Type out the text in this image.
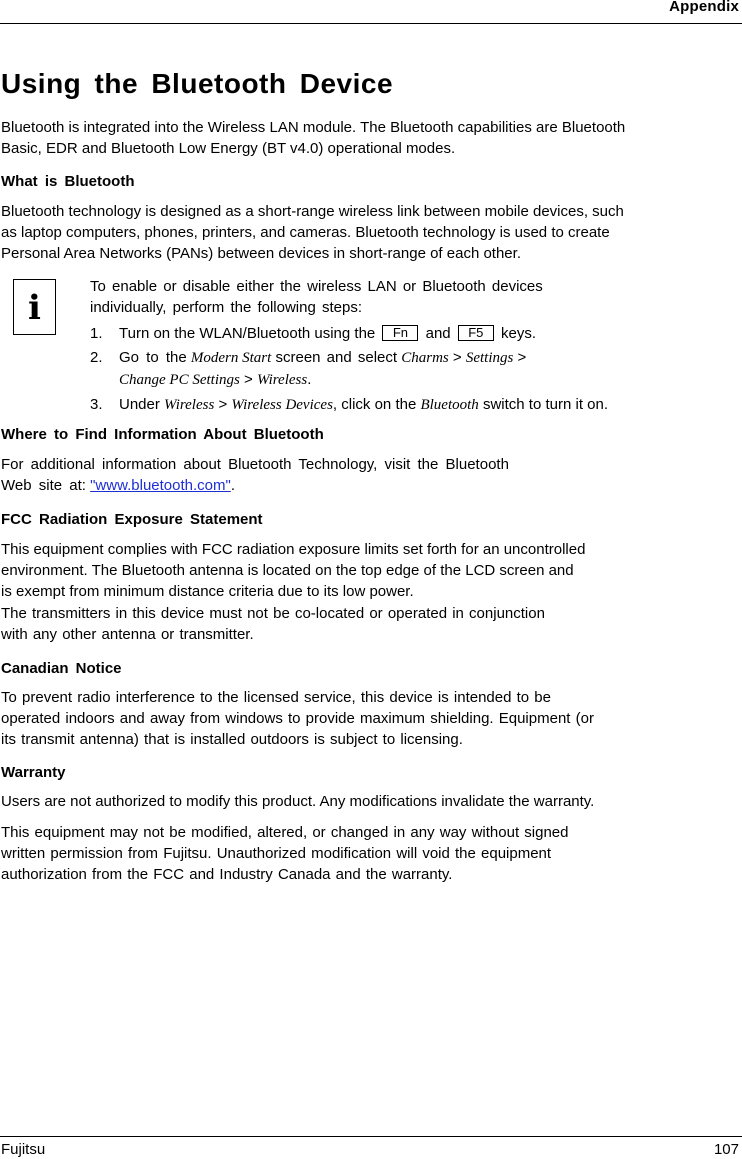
Appendix
Using the Bluetooth Device

Bluetooth is integrated into the Wireless LAN module. The Bluetooth capabilities are Bluetooth
Basic, EDR and Bluetooth Low Energy (BT v4.0) operational modes.

What is Bluetooth

Bluetooth technology is designed as a short-range wireless link between mobile devices, such
as laptop computers, phones, printers, and cameras. Bluetooth technology is used to create
Personal Area Networks (PANs) between devices in short-range of each other.

i

To enable or disable either the wireless LAN or Bluetooth devices
individually, perform the following steps:

1. Turn on the WLAN/Bluetooth using the Fn and F5 keys.
2. Go to the Modern Start screen and select Charms > Settings >
Change PC Settings > Wireless.
3. Under Wireless > Wireless Devices, click on the Bluetooth switch to turn it on.
Where to Find Information About Bluetooth
For additional information about Bluetooth Technology, visit the Bluetooth
Web site at: "www.bluetooth.com".
FCC Radiation Exposure Statement

This equipment complies with FCC radiation exposure limits set forth for an uncontrolled
environment. The Bluetooth antenna is located on the top edge of the LCD screen and
is exempt from minimum distance criteria due to its low power.

The transmitters in this device must not be co-located or operated in conjunction
with any other antenna or transmitter.

Canadian Notice

To prevent radio interference to the licensed service, this device is intended to be
operated indoors and away from windows to provide maximum shielding. Equipment (or
its transmit antenna) that is installed outdoors is subject to licensing.

Warranty

Users are not authorized to modify this product. Any modifications invalidate the warranty.

This equipment may not be modified, altered, or changed in any way without signed
written permission from Fujitsu. Unauthorized modification will void the equipment
authorization from the FCC and Industry Canada and the warranty.

Fujitsu	107
